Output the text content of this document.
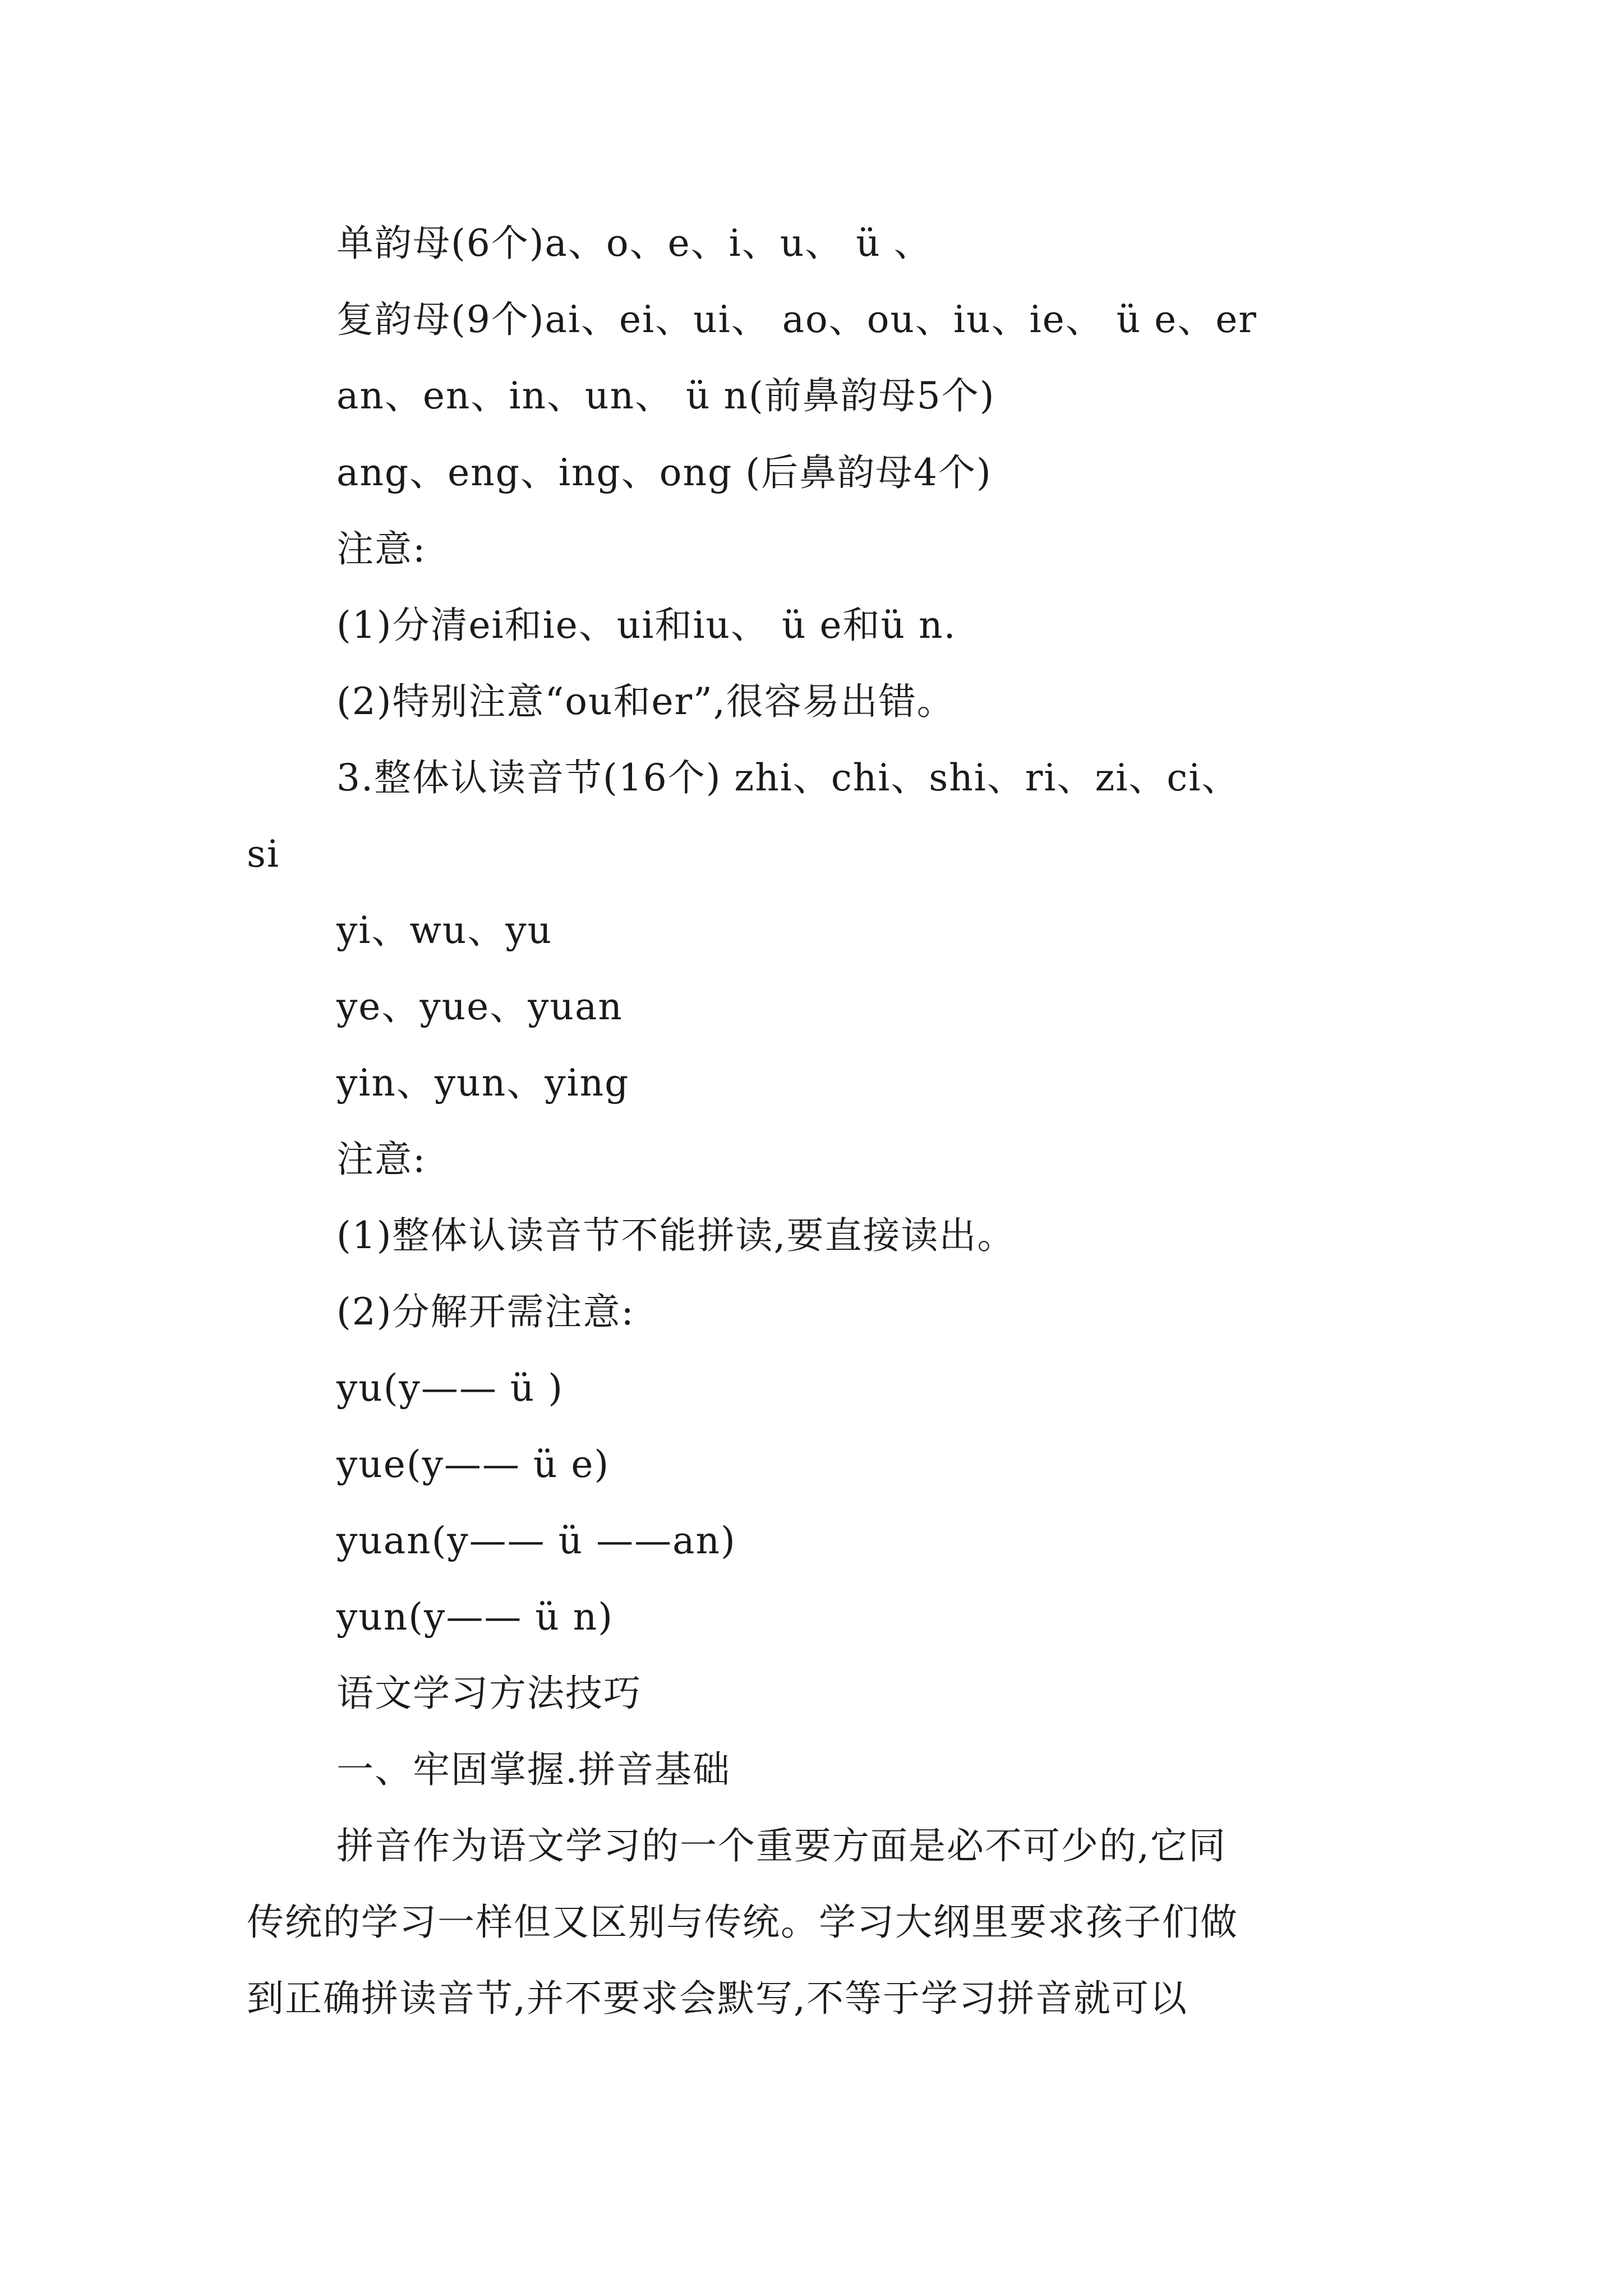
单韵母(6个)a、o、e、i、u、 ü 、

复韵母(9个)ai、ei、ui、 ao、ou、iu、ie、 ü e、er

an、en、in、un、 ü n(前鼻韵母5个)

ang、eng、ing、ong (后鼻韵母4个)

注意:

(1)分清ei和ie、ui和iu、 ü e和ü n.

(2)特别注意“ou和er”,很容易出错。

3.整体认读音节(16个) zhi、chi、shi、ri、zi、ci、

si

yi、wu、yu

ye、yue、yuan

yin、yun、ying

注意:

(1)整体认读音节不能拼读,要直接读出。

(2)分解开需注意:

yu(y—— ü )

yue(y—— ü e)

yuan(y—— ü ——an)

yun(y—— ü n)

语文学习方法技巧

一、牢固掌握.拼音基础

拼音作为语文学习的一个重要方面是必不可少的,它同

传统的学习一样但又区别与传统。学习大纲里要求孩子们做

到正确拼读音节,并不要求会默写,不等于学习拼音就可以
